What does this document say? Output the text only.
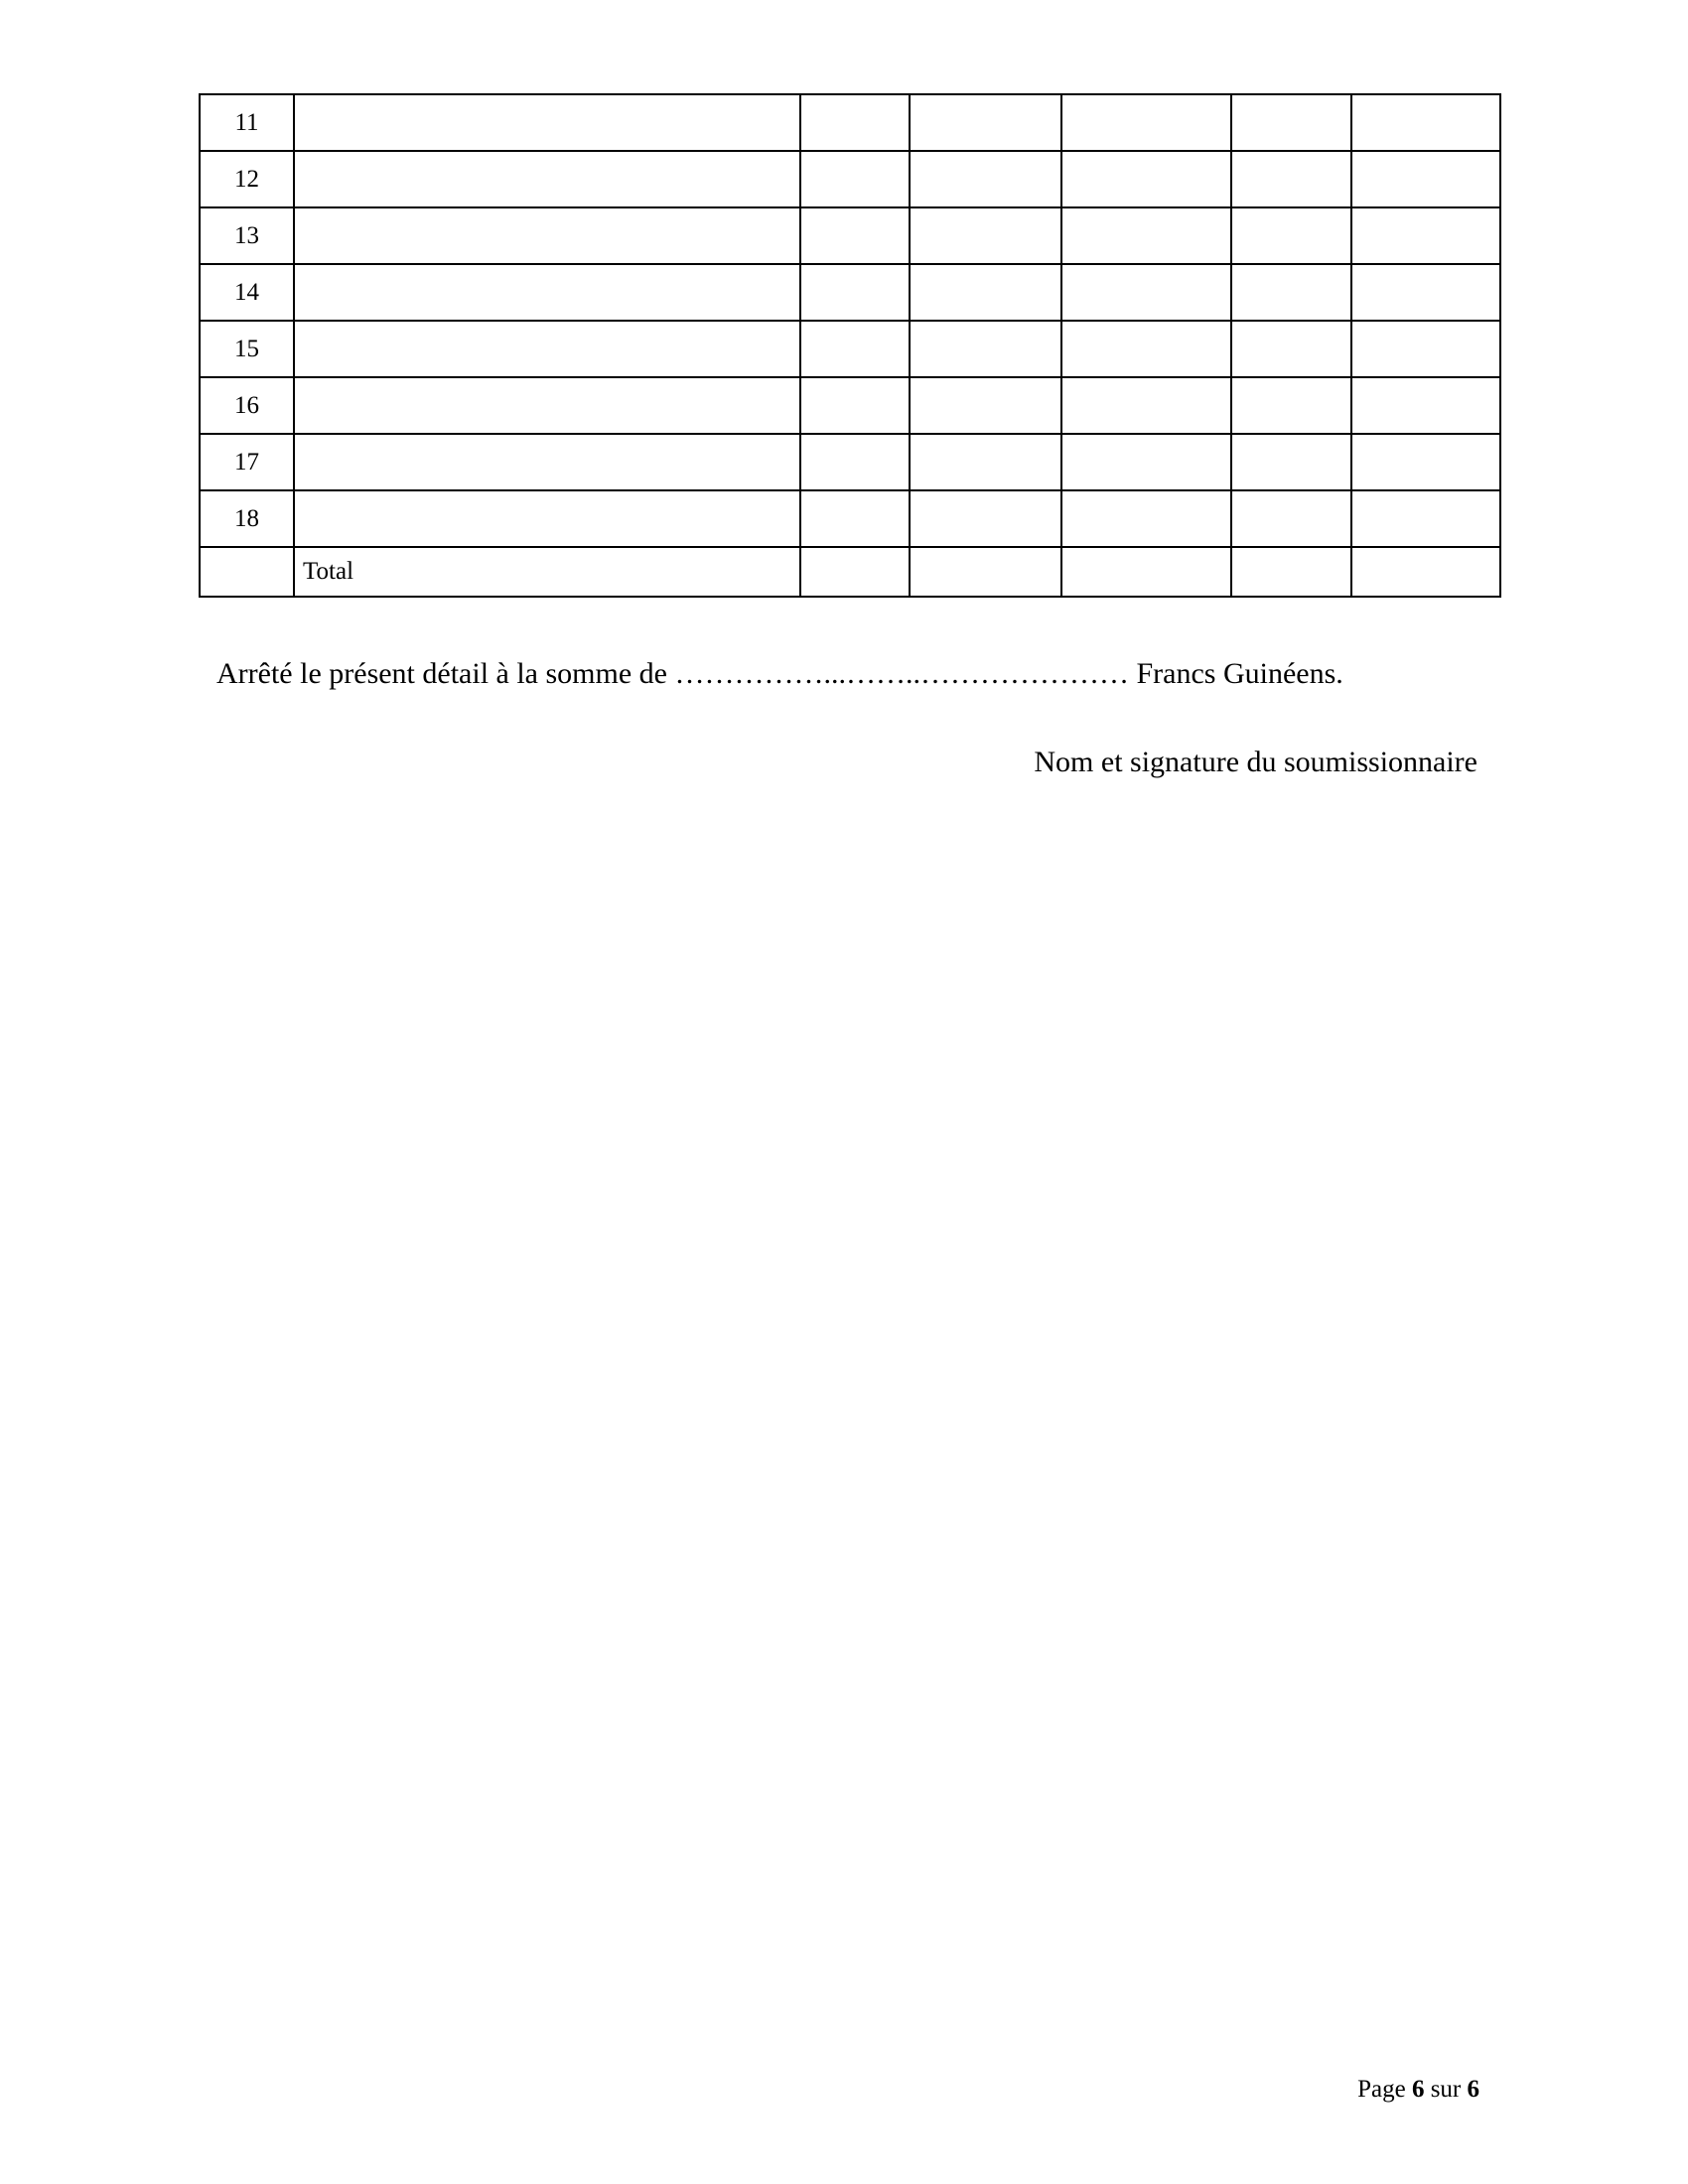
11						
12						
13						
14						
15						
16						
17						
18						
	Total					
Arrêté le présent détail à la somme de ……………...……..………………… Francs Guinéens.
Nom et signature du soumissionnaire
Page 6 sur 6
